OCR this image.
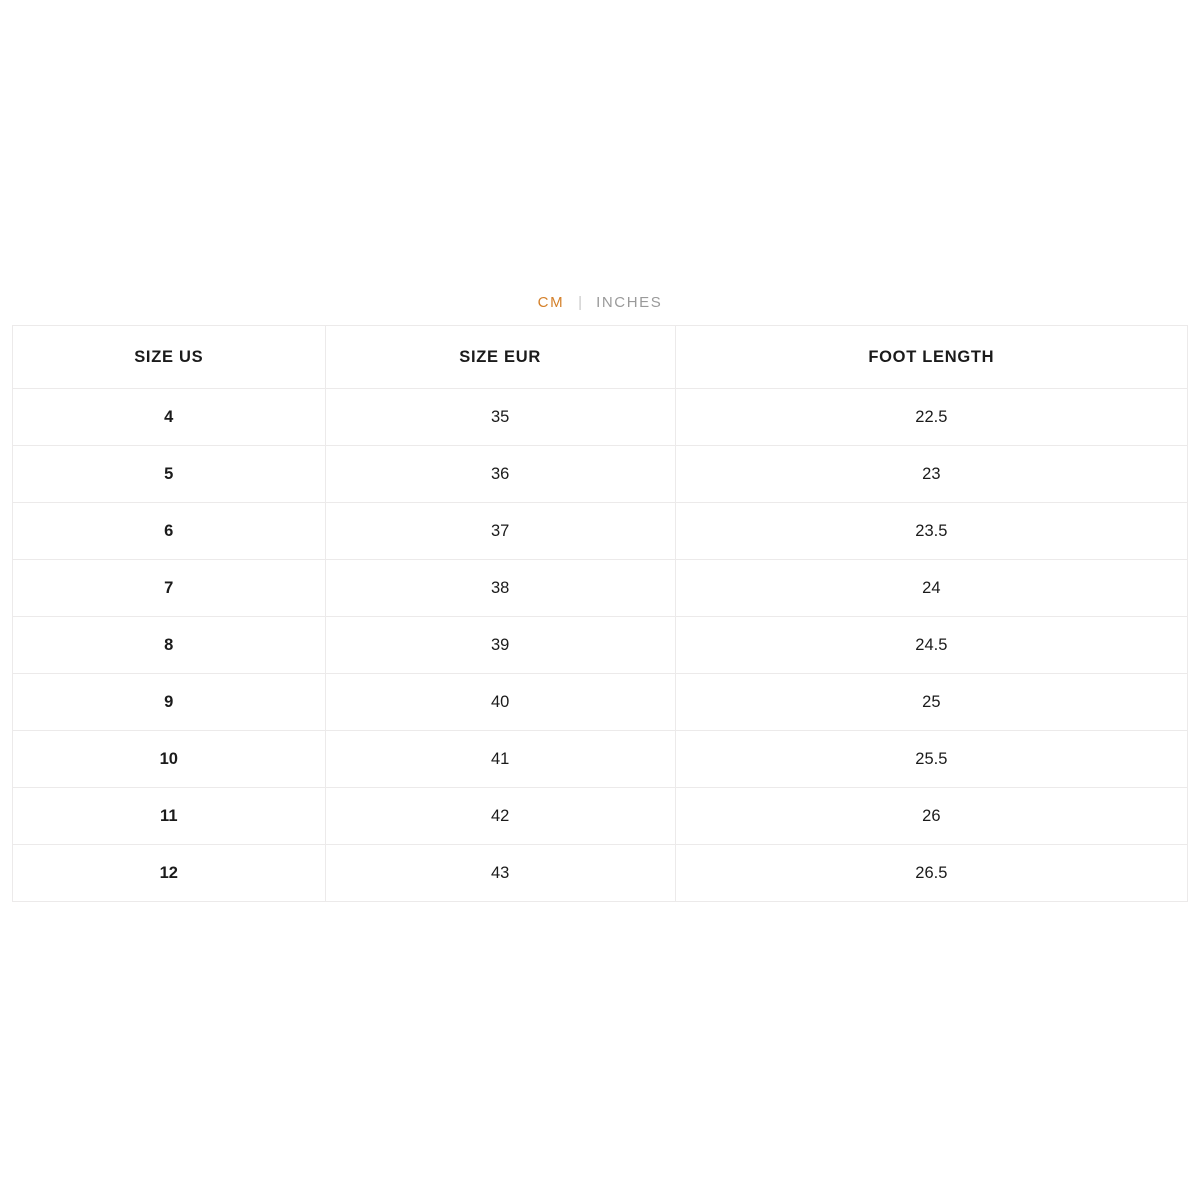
CM | INCHES
SIZE US	SIZE EUR	FOOT LENGTH
4	35	22.5
5	36	23
6	37	23.5
7	38	24
8	39	24.5
9	40	25
10	41	25.5
11	42	26
12	43	26.5
